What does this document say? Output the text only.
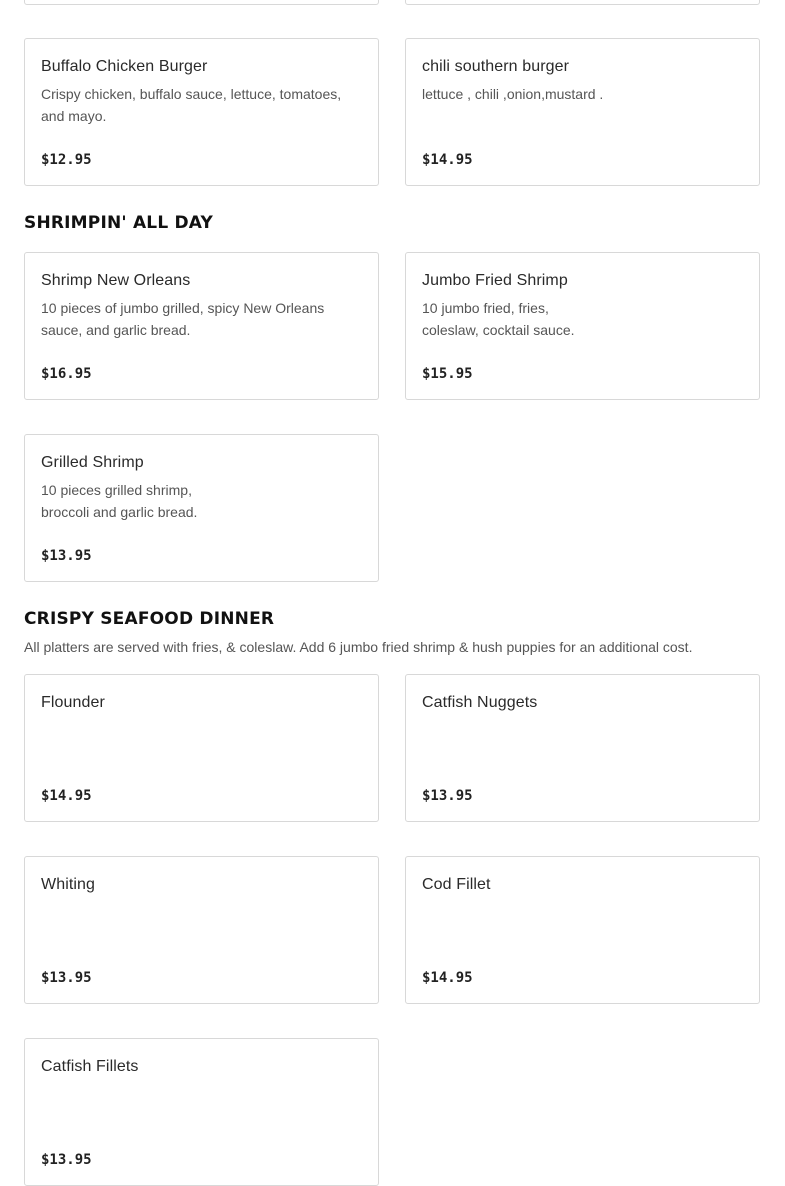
Buffalo Chicken Burger
Crispy chicken, buffalo sauce, lettuce, tomatoes, and mayo.
$12.95
chili southern burger
lettuce , chili ,onion,mustard .
$14.95
SHRIMPIN' ALL DAY
Shrimp New Orleans
10 pieces of jumbo grilled, spicy New Orleans sauce, and garlic bread.
$16.95
Jumbo Fried Shrimp
10 jumbo fried, fries,
coleslaw, cocktail sauce.
$15.95
Grilled Shrimp
10 pieces grilled shrimp,
broccoli and garlic bread.
$13.95
CRISPY SEAFOOD DINNER
All platters are served with fries, & coleslaw. Add 6 jumbo fried shrimp & hush puppies for an additional cost.
Flounder
$14.95
Catfish Nuggets
$13.95
Whiting
$13.95
Cod Fillet
$14.95
Catfish Fillets
$13.95
